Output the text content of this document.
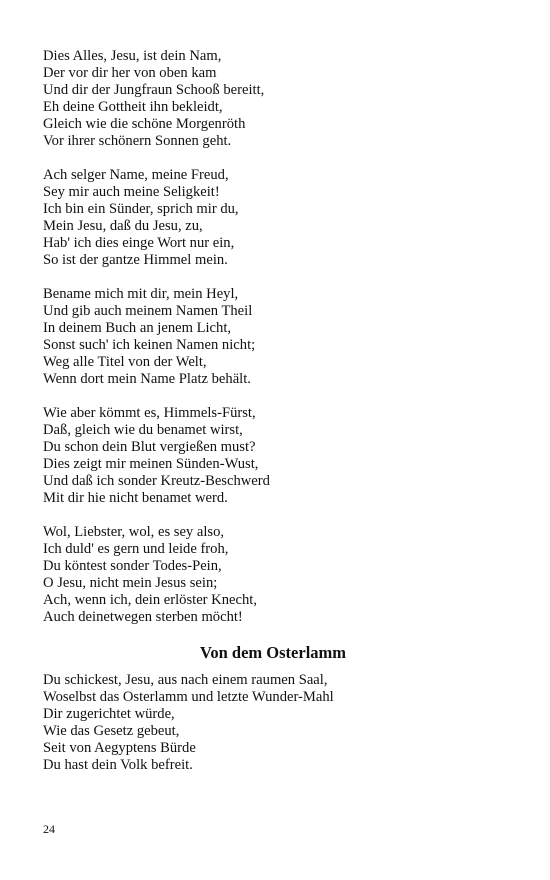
Dies Alles, Jesu, ist dein Nam,
Der vor dir her von oben kam
Und dir der Jungfraun Schooß bereitt,
Eh deine Gottheit ihn bekleidt,
Gleich wie die schöne Morgenröth
Vor ihrer schönern Sonnen geht.
Ach selger Name, meine Freud,
Sey mir auch meine Seligkeit!
Ich bin ein Sünder, sprich mir du,
Mein Jesu, daß du Jesu, zu,
Hab' ich dies einge Wort nur ein,
So ist der gantze Himmel mein.
Bename mich mit dir, mein Heyl,
Und gib auch meinem Namen Theil
In deinem Buch an jenem Licht,
Sonst such' ich keinen Namen nicht;
Weg alle Titel von der Welt,
Wenn dort mein Name Platz behält.
Wie aber kömmt es, Himmels-Fürst,
Daß, gleich wie du benamet wirst,
Du schon dein Blut vergießen must?
Dies zeigt mir meinen Sünden-Wust,
Und daß ich sonder Kreutz-Beschwerd
Mit dir hie nicht benamet werd.
Wol, Liebster, wol, es sey also,
Ich duld' es gern und leide froh,
Du köntest sonder Todes-Pein,
O Jesu, nicht mein Jesus sein;
Ach, wenn ich, dein erlöster Knecht,
Auch deinetwegen sterben möcht!
Von dem Osterlamm
Du schickest, Jesu, aus nach einem raumen Saal,
Woselbst das Osterlamm und letzte Wunder-Mahl
Dir zugerichtet würde,
Wie das Gesetz gebeut,
Seit von Aegyptens Bürde
Du hast dein Volk befreit.
24
